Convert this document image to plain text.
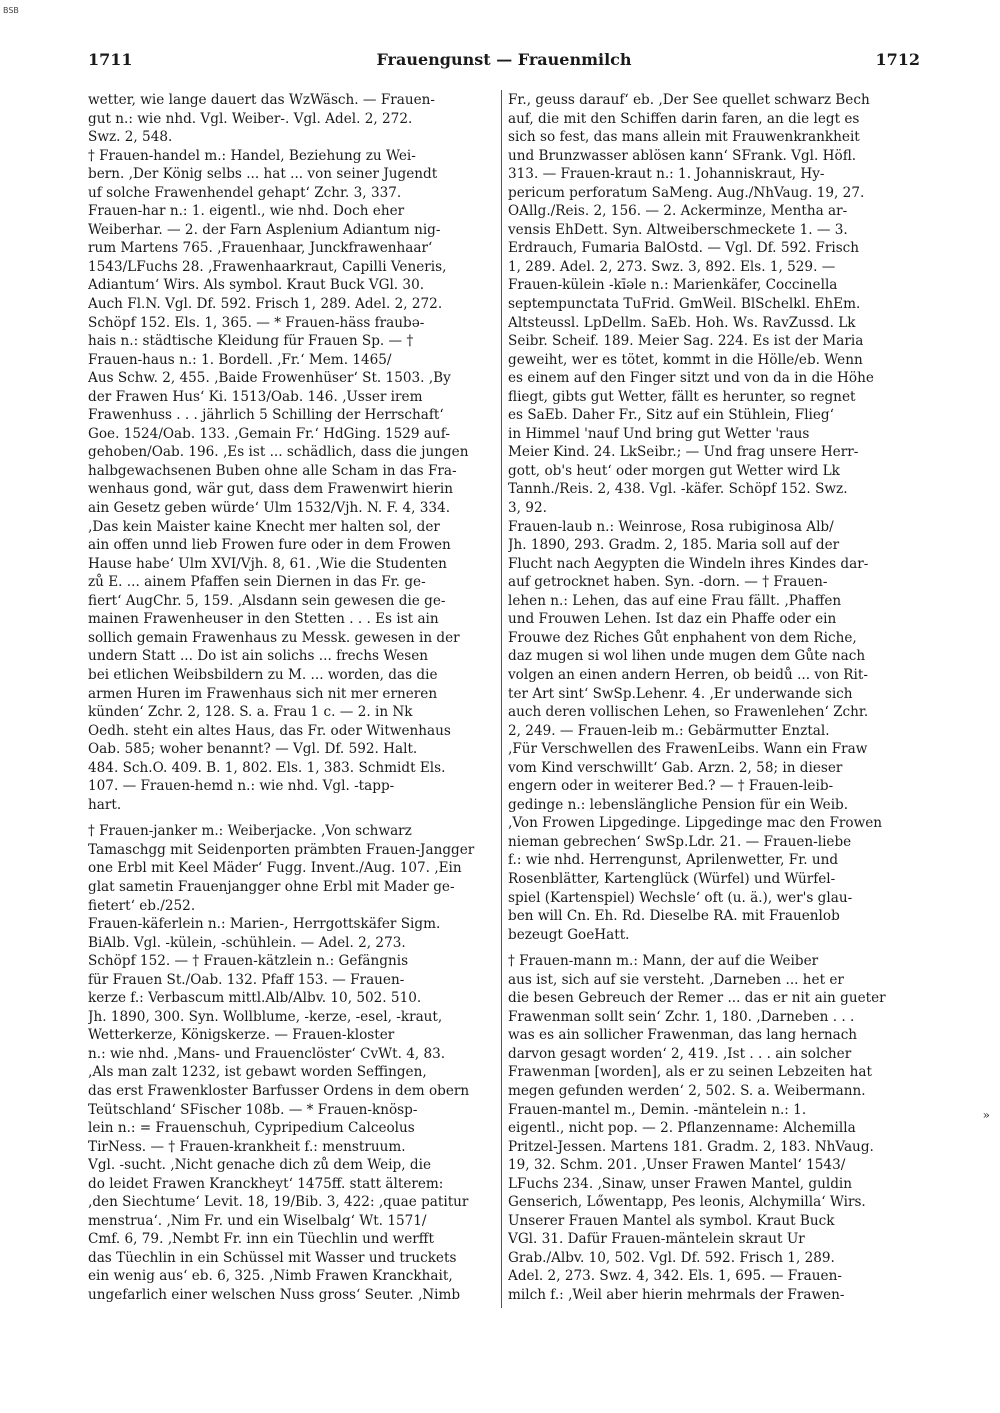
BSB
1711	Frauengunst — Frauenmilch	1712
wetter, wie lange dauert das WzWäsch. — Frauen-
gut n.: wie nhd. Vgl. Weiber-. Vgl. Adel. 2, 272.
Swz. 2, 548.
† Frauen-handel m.: Handel, Beziehung zu Wei-
bern. ‚Der König selbs ... hat ... von seiner Jugendt
uf solche Frawenhendel gehapt‘ Zchr. 3, 337.
Frauen-har n.: 1. eigentl., wie nhd. Doch eher
Weiberhar. — 2. der Farn Asplenium Adiantum nig-
rum Martens 765. ‚Frauenhaar, Junckfrawenhaar‘
1543/LFuchs 28. ‚Frawenhaarkraut, Capilli Veneris,
Adiantum‘ Wirs. Als symbol. Kraut Buck VGl. 30.
Auch Fl.N. Vgl. Df. 592. Frisch 1, 289. Adel. 2, 272.
Schöpf 152. Els. 1, 365. — * Frauen-häss fraubə-
hais n.: städtische Kleidung für Frauen Sp. — †
Frauen-haus n.: 1. Bordell. ‚Fr.‘ Mem. 1465/
Aus Schw. 2, 455. ‚Baide Frowenhüser‘ St. 1503. ‚By
der Frawen Hus‘ Ki. 1513/Oab. 146. ‚Usser irem
Frawenhuss . . . jährlich 5 Schilling der Herrschaft‘
Goe. 1524/Oab. 133. ‚Gemain Fr.‘ HdGing. 1529 auf-
gehoben/Oab. 196. ‚Es ist ... schädlich, dass die jungen
halbgewachsenen Buben ohne alle Scham in das Fra-
wenhaus gond, wär gut, dass dem Frawenwirt hierin
ain Gesetz geben würde‘ Ulm 1532/Vjh. N. F. 4, 334.
‚Das kein Maister kaine Knecht mer halten sol, der
ain offen unnd lieb Frowen fure oder in dem Frowen
Hause habe‘ Ulm XVI/Vjh. 8, 61. ‚Wie die Studenten
zů E. ... ainem Pfaffen sein Diernen in das Fr. ge-
fiert‘ AugChr. 5, 159. ‚Alsdann sein gewesen die ge-
mainen Frawenheuser in den Stetten . . . Es ist ain
sollich gemain Frawenhaus zu Messk. gewesen in der
undern Statt ... Do ist ain solichs ... frechs Wesen
bei etlichen Weibsbildern zu M. ... worden, das die
armen Huren im Frawenhaus sich nit mer erneren
künden‘ Zchr. 2, 128. S. a. Frau 1 c. — 2. in Nk
Oedh. steht ein altes Haus, das Fr. oder Witwenhaus
Oab. 585; woher benannt? — Vgl. Df. 592. Halt.
484. Sch.O. 409. B. 1, 802. Els. 1, 383. Schmidt Els.
107. — Frauen-hemd n.: wie nhd. Vgl. -tapp-
hart.
† Frauen-janker m.: Weiberjacke. ‚Von schwarz
Tamaschgg mit Seidenporten prämbten Frauen-Jangger
one Erbl mit Keel Mäder‘ Fugg. Invent./Aug. 107. ‚Ein
glat sametin Frauenjangger ohne Erbl mit Mader ge-
fietert‘ eb./252.
Frauen-käferlein n.: Marien-, Herrgottskäfer Sigm.
BiAlb. Vgl. -külein, -schühlein. — Adel. 2, 273.
Schöpf 152. — † Frauen-kätzlein n.: Gefängnis
für Frauen St./Oab. 132. Pfaff 153. — Frauen-
kerze f.: Verbascum mittl.Alb/Albv. 10, 502. 510.
Jh. 1890, 300. Syn. Wollblume, -kerze, -esel, -kraut,
Wetterkerze, Königskerze. — Frauen-kloster
n.: wie nhd. ‚Mans- und Frauenclöster‘ CvWt. 4, 83.
‚Als man zalt 1232, ist gebawt worden Seffingen,
das erst Frawenkloster Barfusser Ordens in dem obern
Teütschland‘ SFischer 108b. — * Frauen-knösp-
lein n.: = Frauenschuh, Cypripedium Calceolus
TirNess. — † Frauen-krankheit f.: menstruum.
Vgl. -sucht. ‚Nicht genache dich zů dem Weip, die
do leidet Frawen Kranckheyt‘ 1475ff. statt älterem:
‚den Siechtume‘ Levit. 18, 19/Bib. 3, 422: ‚quae patitur
menstrua‘. ‚Nim Fr. und ein Wiselbalg‘ Wt. 1571/
Cmf. 6, 79. ‚Nembt Fr. inn ein Tüechlin und werfft
das Tüechlin in ein Schüssel mit Wasser und truckets
ein wenig aus‘ eb. 6, 325. ‚Nimb Frawen Kranckhait,
ungefarlich einer welschen Nuss gross‘ Seuter. ‚Nimb
Fr., geuss darauf‘ eb. ‚Der See quellet schwarz Bech
auf, die mit den Schiffen darin faren, an die legt es
sich so fest, das mans allein mit Frauwenkrankheit
und Brunzwasser ablösen kann‘ SFrank. Vgl. Höfl.
313. — Frauen-kraut n.: 1. Johanniskraut, Hy-
pericum perforatum SaMeng. Aug./NhVaug. 19, 27.
OAllg./Reis. 2, 156. — 2. Ackerminze, Mentha ar-
vensis EhDett. Syn. Altweiberschmeckete 1. — 3.
Erdrauch, Fumaria BalOstd. — Vgl. Df. 592. Frisch
1, 289. Adel. 2, 273. Swz. 3, 892. Els. 1, 529. —
Frauen-külein -kīəle n.: Marienkäfer, Coccinella
septempunctata TuFrid. GmWeil. BlSchelkl. EhEm.
Altsteussl. LpDellm. SaEb. Hoh. Ws. RavZussd. Lk
Seibr. Scheif. 189. Meier Sag. 224. Es ist der Maria
geweiht, wer es tötet, kommt in die Hölle/eb. Wenn
es einem auf den Finger sitzt und von da in die Höhe
fliegt, gibts gut Wetter, fällt es herunter, so regnet
es SaEb. Daher Fr., Sitz auf ein Stühlein, Flieg‘
in Himmel 'nauf Und bring gut Wetter 'raus
Meier Kind. 24. LkSeibr.; — Und frag unsere Herr-
gott, ob's heut‘ oder morgen gut Wetter wird Lk
Tannh./Reis. 2, 438. Vgl. -käfer. Schöpf 152. Swz.
3, 92.
Frauen-laub n.: Weinrose, Rosa rubiginosa Alb/
Jh. 1890, 293. Gradm. 2, 185. Maria soll auf der
Flucht nach Aegypten die Windeln ihres Kindes dar-
auf getrocknet haben. Syn. -dorn. — † Frauen-
lehen n.: Lehen, das auf eine Frau fällt. ‚Phaffen
und Frouwen Lehen. Ist daz ein Phaffe oder ein
Frouwe dez Riches Gůt enphahent von dem Riche,
daz mugen si wol lihen unde mugen dem Gůte nach
volgen an einen andern Herren, ob beidů ... von Rit-
ter Art sint‘ SwSp.Lehenr. 4. ‚Er underwande sich
auch deren vollischen Lehen, so Frawenlehen‘ Zchr.
2, 249. — Frauen-leib m.: Gebärmutter Enztal.
‚Für Verschwellen des FrawenLeibs. Wann ein Fraw
vom Kind verschwillt‘ Gab. Arzn. 2, 58; in dieser
engern oder in weiterer Bed.? — † Frauen-leib-
gedinge n.: lebenslängliche Pension für ein Weib.
‚Von Frowen Lipgedinge. Lipgedinge mac den Frowen
nieman gebrechen‘ SwSp.Ldr. 21. — Frauen-liebe
f.: wie nhd. Herrengunst, Aprilenwetter, Fr. und
Rosenblätter, Kartenglück (Würfel) und Würfel-
spiel (Kartenspiel) Wechsle‘ oft (u. ä.), wer's glau-
ben will Cn. Eh. Rd. Dieselbe RA. mit Frauenlob
bezeugt GoeHatt.
† Frauen-mann m.: Mann, der auf die Weiber
aus ist, sich auf sie versteht. ‚Darneben ... het er
die besen Gebreuch der Remer ... das er nit ain gueter
Frawenman sollt sein‘ Zchr. 1, 180. ‚Darneben . . .
was es ain sollicher Frawenman, das lang hernach
darvon gesagt worden‘ 2, 419. ‚Ist . . . ain solcher
Frawenman [worden], als er zu seinen Lebzeiten hat
megen gefunden werden‘ 2, 502. S. a. Weibermann.
Frauen-mantel m., Demin. -mäntelein n.: 1.
eigentl., nicht pop. — 2. Pflanzenname: Alchemilla
Pritzel-Jessen. Martens 181. Gradm. 2, 183. NhVaug.
19, 32. Schm. 201. ‚Unser Frawen Mantel‘ 1543/
LFuchs 234. ‚Sinaw, unser Frawen Mantel, guldin
Genserich, Lőwentapp, Pes leonis, Alchymilla‘ Wirs.
Unserer Frauen Mantel als symbol. Kraut Buck
VGl. 31. Dafür Frauen-mäntelein skraut Ur
Grab./Albv. 10, 502. Vgl. Df. 592. Frisch 1, 289.
Adel. 2, 273. Swz. 4, 342. Els. 1, 695. — Frauen-
milch f.: ‚Weil aber hierin mehrmals der Frawen-
»
